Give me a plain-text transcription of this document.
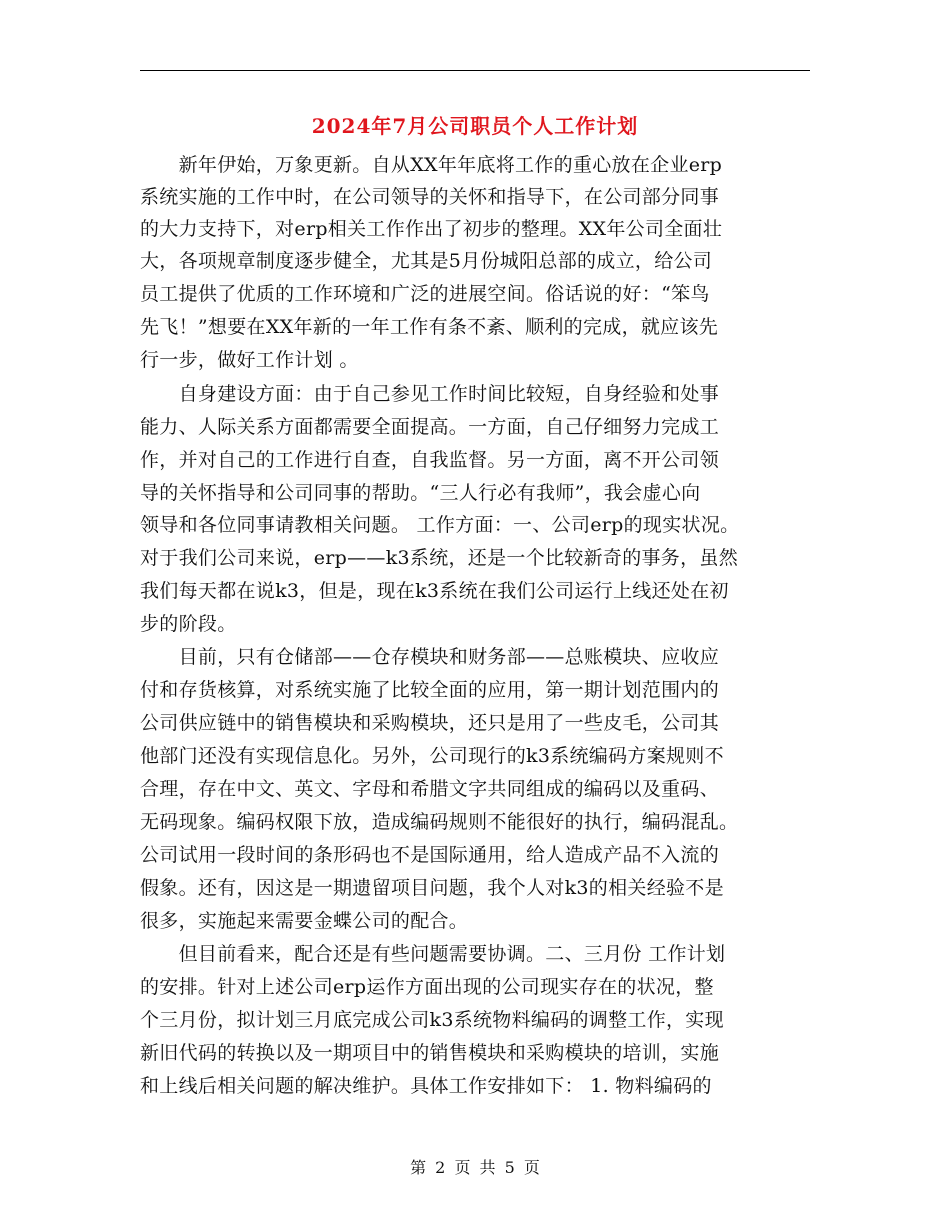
2024年7月公司职员个人工作计划
　　新年伊始，万象更新。自从XX年年底将工作的重心放在企业erp
系统实施的工作中时，在公司领导的关怀和指导下，在公司部分同事
的大力支持下，对erp相关工作作出了初步的整理。XX年公司全面壮
大，各项规章制度逐步健全，尤其是5月份城阳总部的成立，给公司
员工提供了优质的工作环境和广泛的进展空间。俗话说的好：“笨鸟
先飞！”想要在XX年新的一年工作有条不紊、顺利的完成，就应该先
行一步，做好工作计划 。
　　自身建设方面：由于自己参见工作时间比较短，自身经验和处事
能力、人际关系方面都需要全面提高。一方面，自己仔细努力完成工
作，并对自己的工作进行自查，自我监督。另一方面，离不开公司领
导的关怀指导和公司同事的帮助。“三人行必有我师”，我会虚心向
领导和各位同事请教相关问题。 工作方面：一、公司erp的现实状况。
对于我们公司来说，erp——k3系统，还是一个比较新奇的事务，虽然
我们每天都在说k3，但是，现在k3系统在我们公司运行上线还处在初
步的阶段。
　　目前，只有仓储部——仓存模块和财务部——总账模块、应收应
付和存货核算，对系统实施了比较全面的应用，第一期计划范围内的
公司供应链中的销售模块和采购模块，还只是用了一些皮毛，公司其
他部门还没有实现信息化。另外，公司现行的k3系统编码方案规则不
合理，存在中文、英文、字母和希腊文字共同组成的编码以及重码、
无码现象。编码权限下放，造成编码规则不能很好的执行，编码混乱。
公司试用一段时间的条形码也不是国际通用，给人造成产品不入流的
假象。还有，因这是一期遗留项目问题，我个人对k3的相关经验不是
很多，实施起来需要金蝶公司的配合。
　　但目前看来，配合还是有些问题需要协调。二、三月份 工作计划
的安排。针对上述公司erp运作方面出现的公司现实存在的状况，整
个三月份，拟计划三月底完成公司k3系统物料编码的调整工作，实现
新旧代码的转换以及一期项目中的销售模块和采购模块的培训，实施
和上线后相关问题的解决维护。具体工作安排如下： 1. 物料编码的
第 2 页 共 5 页
